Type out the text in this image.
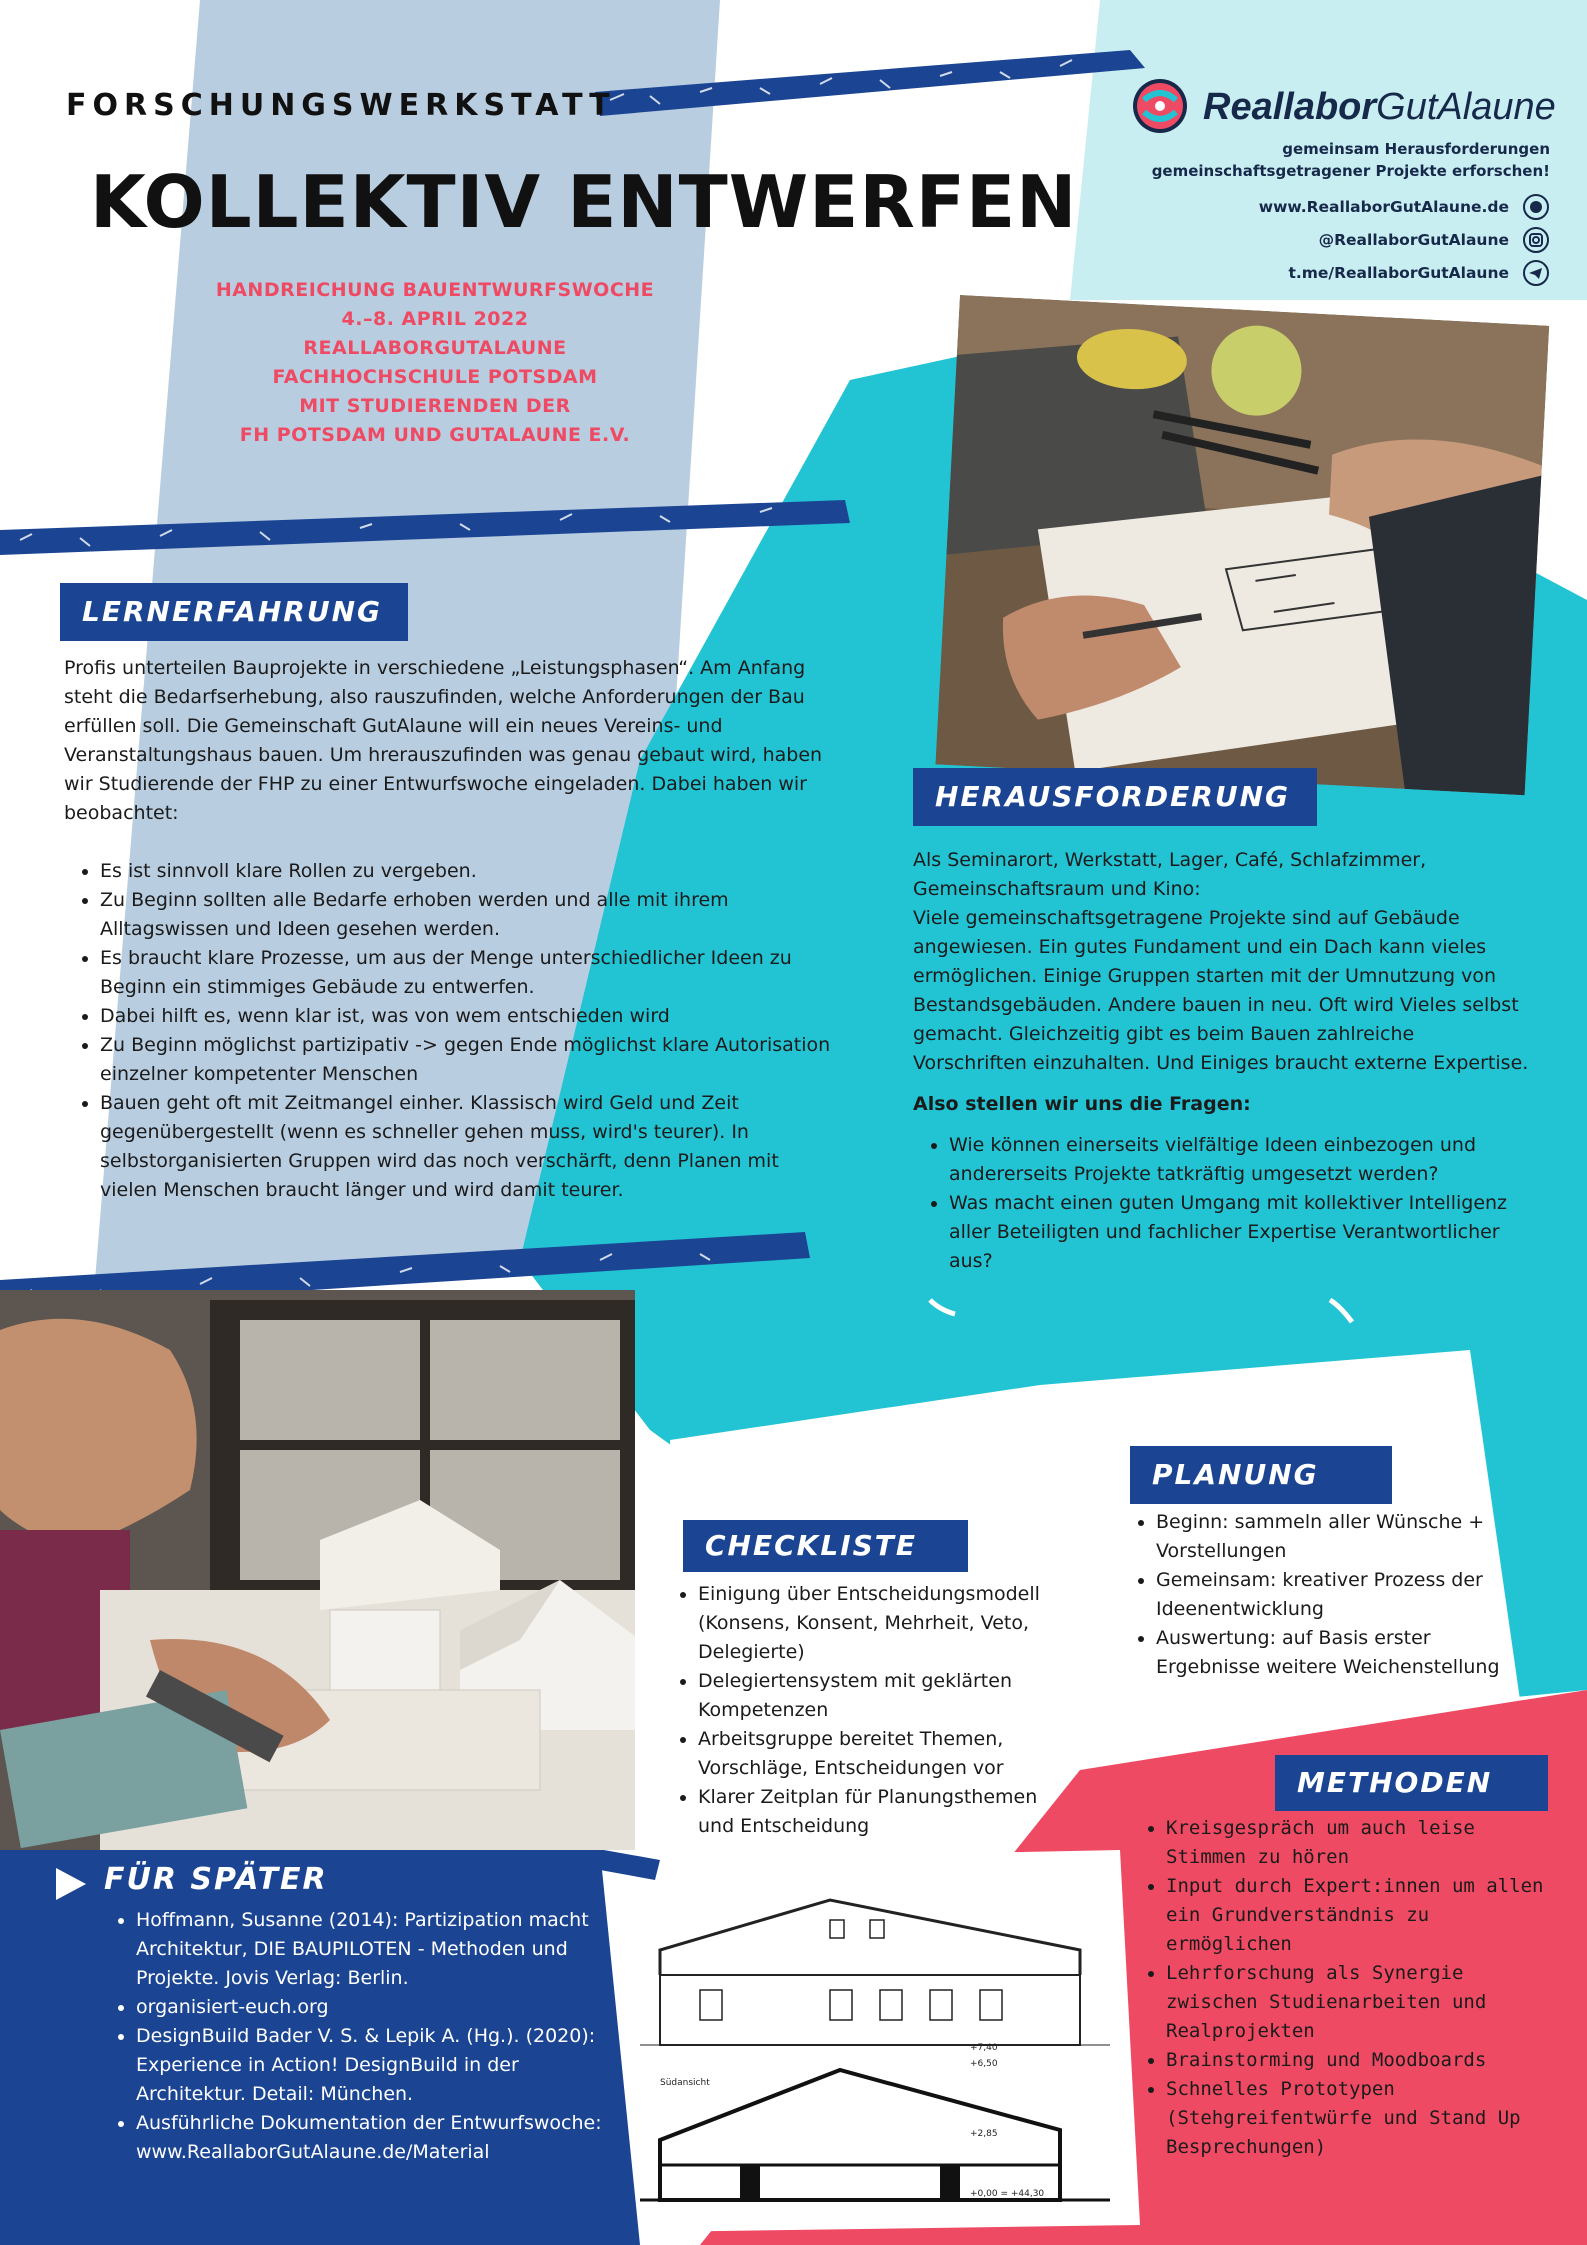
FORSCHUNGSWERKSTATT
KOLLEKTIV ENTWERFEN
HANDREICHUNG BAUENTWURFSWOCHE
4.–8. APRIL 2022
REALLABORGUTALAUNE
FACHHOCHSCHULE POTSDAM
MIT STUDIERENDEN DER
FH POTSDAM UND GUTALAUNE E.V.
ReallaborGutAlaune
gemeinsam Herausforderungen
gemeinschaftsgetragener Projekte erforschen!
www.ReallaborGutAlaune.de
@ReallaborGutAlaune
t.me/ReallaborGutAlaune
Südansicht
+7,40
+6,50
+2,85
+0,00 = +44,30
LERNERFAHRUNG

Profis unterteilen Bauprojekte in verschiedene „Leistungsphasen“. Am Anfang steht die Bedarfserhebung, also rauszufinden, welche Anforderungen der Bau erfüllen soll. Die Gemeinschaft GutAlaune will ein neues Vereins- und Veranstaltungshaus bauen. Um hrerauszufinden was genau gebaut wird, haben wir Studierende der FHP zu einer Entwurfswoche eingeladen. Dabei haben wir beobachtet:

• Es ist sinnvoll klare Rollen zu vergeben.
• Zu Beginn sollten alle Bedarfe erhoben werden und alle mit ihrem Alltagswissen und Ideen gesehen werden.
• Es braucht klare Prozesse, um aus der Menge unterschiedlicher Ideen zu Beginn ein stimmiges Gebäude zu entwerfen.
• Dabei hilft es, wenn klar ist, was von wem entschieden wird
• Zu Beginn möglichst partizipativ -> gegen Ende möglichst klare Autorisation einzelner kompetenter Menschen
• Bauen geht oft mit Zeitmangel einher. Klassisch wird Geld und Zeit gegenübergestellt (wenn es schneller gehen muss, wird's teurer). In selbstorganisierten Gruppen wird das noch verschärft, denn Planen mit vielen Menschen braucht länger und wird damit teurer.
HERAUSFORDERUNG

Als Seminarort, Werkstatt, Lager, Café, Schlafzimmer, Gemeinschaftsraum und Kino:
Viele gemeinschaftsgetragene Projekte sind auf Gebäude angewiesen. Ein gutes Fundament und ein Dach kann vieles ermöglichen. Einige Gruppen starten mit der Umnutzung von Bestandsgebäuden. Andere bauen in neu. Oft wird Vieles selbst gemacht. Gleichzeitig gibt es beim Bauen zahlreiche Vorschriften einzuhalten. Und Einiges braucht externe Expertise.

Also stellen wir uns die Fragen:

• Wie können einerseits vielfältige Ideen einbezogen und andererseits Projekte tatkräftig umgesetzt werden?
• Was macht einen guten Umgang mit kollektiver Intelligenz aller Beteiligten und fachlicher Expertise Verantwortlicher aus?
PLANUNG
• Beginn: sammeln aller Wünsche + Vorstellungen
• Gemeinsam: kreativer Prozess der Ideenentwicklung
• Auswertung: auf Basis erster Ergebnisse weitere Weichenstellung
CHECKLISTE
• Einigung über Entscheidungsmodell (Konsens, Konsent, Mehrheit, Veto, Delegierte)
• Delegiertensystem mit geklärten Kompetenzen
• Arbeitsgruppe bereitet Themen, Vorschläge, Entscheidungen vor
• Klarer Zeitplan für Planungsthemen und Entscheidung
METHODEN
• Kreisgespräch um auch leise Stimmen zu hören
• Input durch Expert:innen um allen ein Grundverständnis zu ermöglichen
• Lehrforschung als Synergie zwischen Studienarbeiten und Realprojekten
• Brainstorming und Moodboards
• Schnelles Prototypen (Stehgreifentwürfe und Stand Up Besprechungen)
FÜR SPÄTER
• Hoffmann, Susanne (2014): Partizipation macht Architektur, DIE BAUPILOTEN - Methoden und Projekte. Jovis Verlag: Berlin.
• organisiert-euch.org
• DesignBuild Bader V. S. & Lepik A. (Hg.). (2020): Experience in Action! DesignBuild in der Architektur. Detail: München.
• Ausführliche Dokumentation der Entwurfswoche: www.ReallaborGutAlaune.de/Material
